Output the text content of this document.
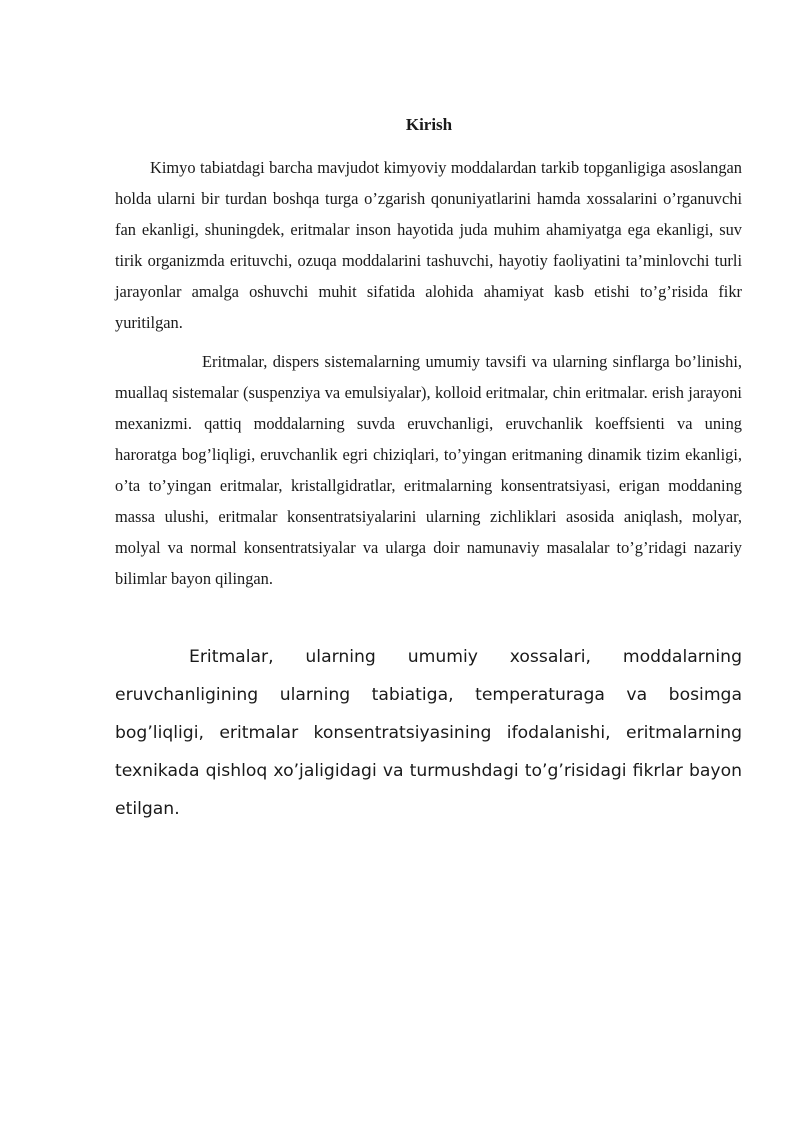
Kirish

Kimyo tabiatdagi barcha mavjudot kimyoviy moddalardan tarkib topganligiga asoslangan holda ularni bir turdan boshqa turga o’zgarish qonuniyatlarini hamda xossalarini o’rganuvchi fan ekanligi, shuningdek, eritmalar inson hayotida juda muhim ahamiyatga ega ekanligi, suv tirik organizmda erituvchi, ozuqa moddalarini tashuvchi, hayotiy faoliyatini ta’minlovchi turli jarayonlar amalga oshuvchi muhit sifatida alohida ahamiyat kasb etishi to’g’risida fikr yuritilgan.

Eritmalar, dispers sistemalarning umumiy tavsifi va ularning sinflarga bo’linishi, muallaq sistemalar (suspenziya va emulsiyalar), kolloid eritmalar, chin eritmalar. erish jarayoni mexanizmi. qattiq moddalarning suvda eruvchanligi, eruvchanlik koeffsienti va uning haroratga bog’liqligi, eruvchanlik egri chiziqlari, to’yingan eritmaning dinamik tizim ekanligi, o’ta to’yingan eritmalar, kristallgidratlar, eritmalarning konsentratsiyasi, erigan moddaning massa ulushi, eritmalar konsentratsiyalarini ularning zichliklari asosida aniqlash, molyar, molyal va normal konsentratsiyalar va ularga doir namunaviy masalalar to’g’ridagi nazariy bilimlar bayon qilingan.

Eritmalar, ularning umumiy xossalari, moddalarning eruvchanligining ularning tabiatiga, temperaturaga va bosimga bog’liqligi, eritmalar konsentratsiyasining ifodalanishi, eritmalarning texnikada qishloq xo’jaligidagi va turmushdagi to’g’risidagi fikrlar bayon etilgan.
